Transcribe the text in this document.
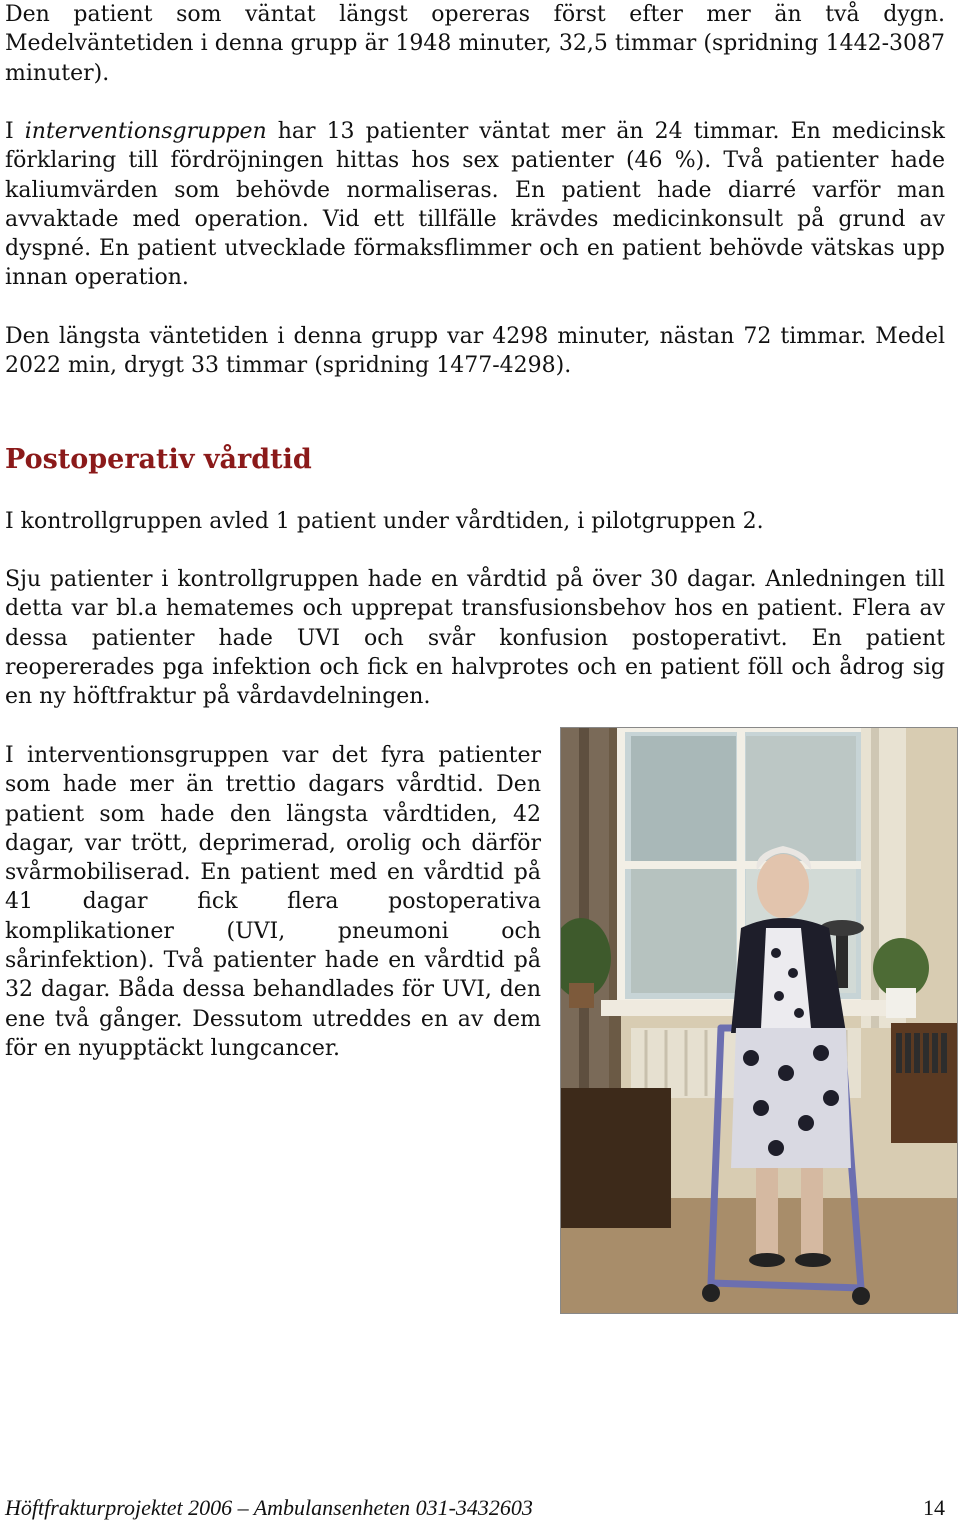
Den patient som väntat längst opereras först efter mer än två dygn. Medelväntetiden i denna grupp är 1948 minuter, 32,5 timmar (spridning 1442-3087 minuter).

I interventionsgruppen har 13 patienter väntat mer än 24 timmar. En medicinsk förklaring till fördröjningen hittas hos sex patienter (46 %). Två patienter hade kaliumvärden som behövde normaliseras. En patient hade diarré varför man avvaktade med operation. Vid ett tillfälle krävdes medicinkonsult på grund av dyspné. En patient utvecklade förmaksflimmer och en patient behövde vätskas upp innan operation.

Den längsta väntetiden i denna grupp var 4298 minuter, nästan 72 timmar. Medel 2022 min, drygt 33 timmar (spridning 1477-4298).

Postoperativ vårdtid

I kontrollgruppen avled 1 patient under vårdtiden, i pilotgruppen 2.

Sju patienter i kontrollgruppen hade en vårdtid på över 30 dagar. Anledningen till detta var bl.a hematemes och upprepat transfusionsbehov hos en patient. Flera av dessa patienter hade UVI och svår konfusion postoperativt. En patient reopererades pga infektion och fick en halvprotes och en patient föll och ådrog sig en ny höftfraktur på vårdavdelningen.

I interventionsgruppen var det fyra patienter som hade mer än trettio dagars vårdtid. Den patient som hade den längsta vårdtiden, 42 dagar, var trött, deprimerad, orolig och därför svårmobiliserad. En patient med en vårdtid på 41 dagar fick flera postoperativa komplikationer (UVI, pneumoni och sårinfektion). Två patienter hade en vårdtid på 32 dagar. Båda dessa behandlades för UVI, den ene två gånger. Dessutom utreddes en av dem för en nyupptäckt lungcancer.

Höftfrakturprojektet 2006 – Ambulansenheten 031-3432603	14
